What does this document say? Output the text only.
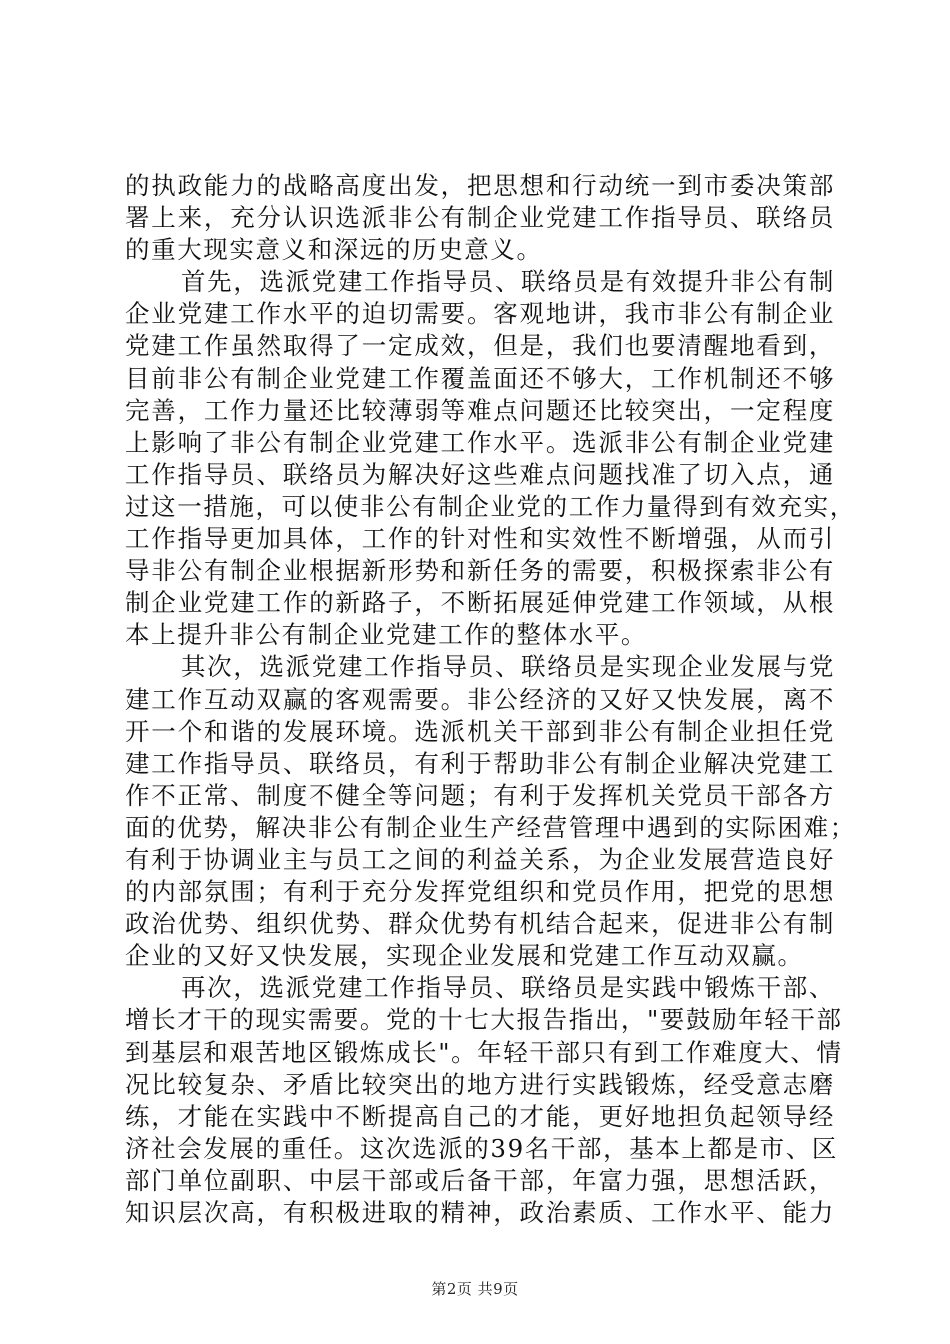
的执政能力的战略高度出发，把思想和行动统一到市委决策部
署上来，充分认识选派非公有制企业党建工作指导员、联络员
的重大现实意义和深远的历史意义。
首先，选派党建工作指导员、联络员是有效提升非公有制
企业党建工作水平的迫切需要。客观地讲，我市非公有制企业
党建工作虽然取得了一定成效，但是，我们也要清醒地看到，
目前非公有制企业党建工作覆盖面还不够大，工作机制还不够
完善，工作力量还比较薄弱等难点问题还比较突出，一定程度
上影响了非公有制企业党建工作水平。选派非公有制企业党建
工作指导员、联络员为解决好这些难点问题找准了切入点，通
过这一措施，可以使非公有制企业党的工作力量得到有效充实，
工作指导更加具体，工作的针对性和实效性不断增强，从而引
导非公有制企业根据新形势和新任务的需要，积极探索非公有
制企业党建工作的新路子，不断拓展延伸党建工作领域，从根
本上提升非公有制企业党建工作的整体水平。
其次，选派党建工作指导员、联络员是实现企业发展与党
建工作互动双赢的客观需要。非公经济的又好又快发展，离不
开一个和谐的发展环境。选派机关干部到非公有制企业担任党
建工作指导员、联络员，有利于帮助非公有制企业解决党建工
作不正常、制度不健全等问题；有利于发挥机关党员干部各方
面的优势，解决非公有制企业生产经营管理中遇到的实际困难；
有利于协调业主与员工之间的利益关系，为企业发展营造良好
的内部氛围；有利于充分发挥党组织和党员作用，把党的思想
政治优势、组织优势、群众优势有机结合起来，促进非公有制
企业的又好又快发展，实现企业发展和党建工作互动双赢。
再次，选派党建工作指导员、联络员是实践中锻炼干部、
增长才干的现实需要。党的十七大报告指出，"要鼓励年轻干部
到基层和艰苦地区锻炼成长"。年轻干部只有到工作难度大、情
况比较复杂、矛盾比较突出的地方进行实践锻炼，经受意志磨
练，才能在实践中不断提高自己的才能，更好地担负起领导经
济社会发展的重任。这次选派的39名干部，基本上都是市、区
部门单位副职、中层干部或后备干部，年富力强，思想活跃，
知识层次高，有积极进取的精神，政治素质、工作水平、能力
第2页 共9页
